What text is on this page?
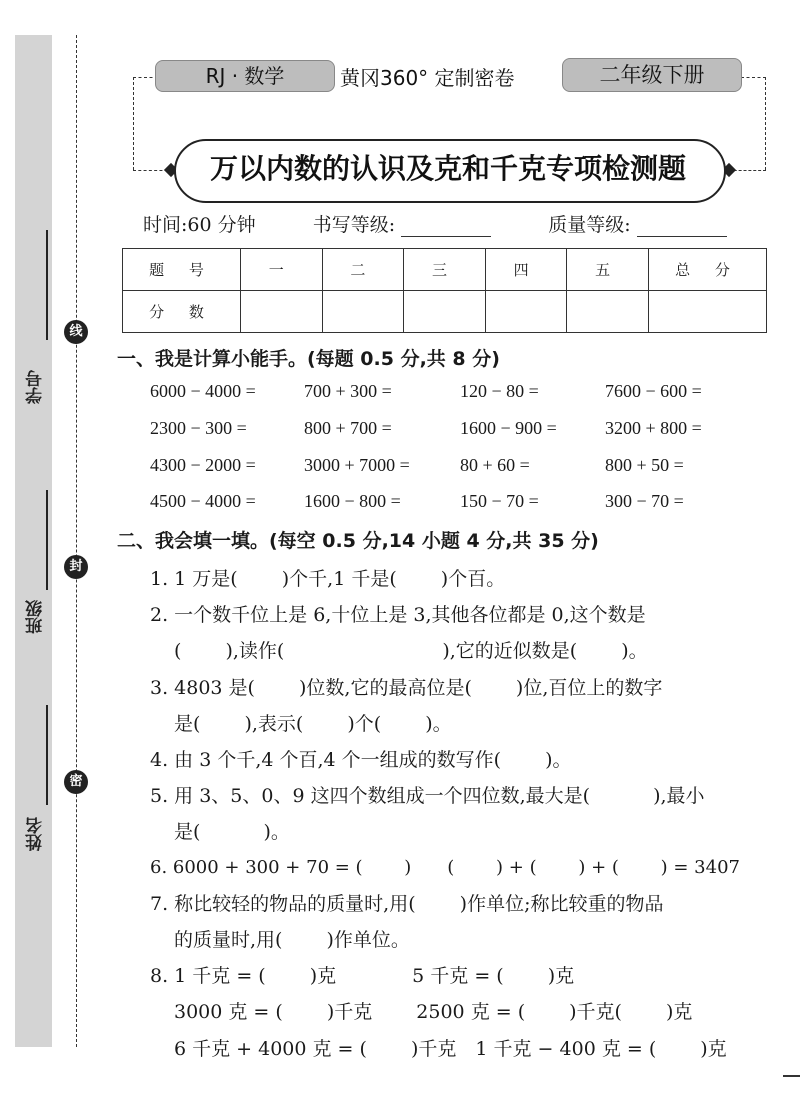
学号
班级
姓名
线
封
密
RJ · 数学	黄冈360° 定制密卷	二年级下册
万以内数的认识及克和千克专项检测题
时间:60 分钟	书写等级:	质量等级:
题 号	一	二	三	四	五	总 分
分 数						
一、我是计算小能手。(每题 0.5 分,共 8 分)
6000 − 4000 =	700 + 300 =	120 − 80 =	7600 − 600 =
2300 − 300 =	800 + 700 =	1600 − 900 =	3200 + 800 =
4300 − 2000 =	3000 + 7000 =	80 + 60 =	800 + 50 =
4500 − 4000 =	1600 − 800 =	150 − 70 =	300 − 70 =
二、我会填一填。(每空 0.5 分,14 小题 4 分,共 35 分)
1. 1 万是(　　 )个千,1 千是(　　 )个百。
2. 一个数千位上是 6,十位上是 3,其他各位都是 0,这个数是
(　　 ),读作(　　　　　　　　 ),它的近似数是(　　 )。
3. 4803 是(　　 )位数,它的最高位是(　　 )位,百位上的数字
是(　　 ),表示(　　 )个(　　 )。
4. 由 3 个千,4 个百,4 个一组成的数写作(　　 )。
5. 用 3、5、0、9 这四个数组成一个四位数,最大是(　　　 ),最小
是(　　　 )。
6. 6000 + 300 + 70 = (　　 )　　(　　 ) + (　　 ) + (　　 ) = 3407
7. 称比较轻的物品的质量时,用(　　 )作单位;称比较重的物品
的质量时,用(　　 )作单位。
8. 1 千克 = (　　 )克　　　　5 千克 = (　　 )克
3000 克 = (　　 )千克　　 2500 克 = (　　 )千克(　　 )克
6 千克 + 4000 克 = (　　 )千克　1 千克 − 400 克 = (　　 )克
